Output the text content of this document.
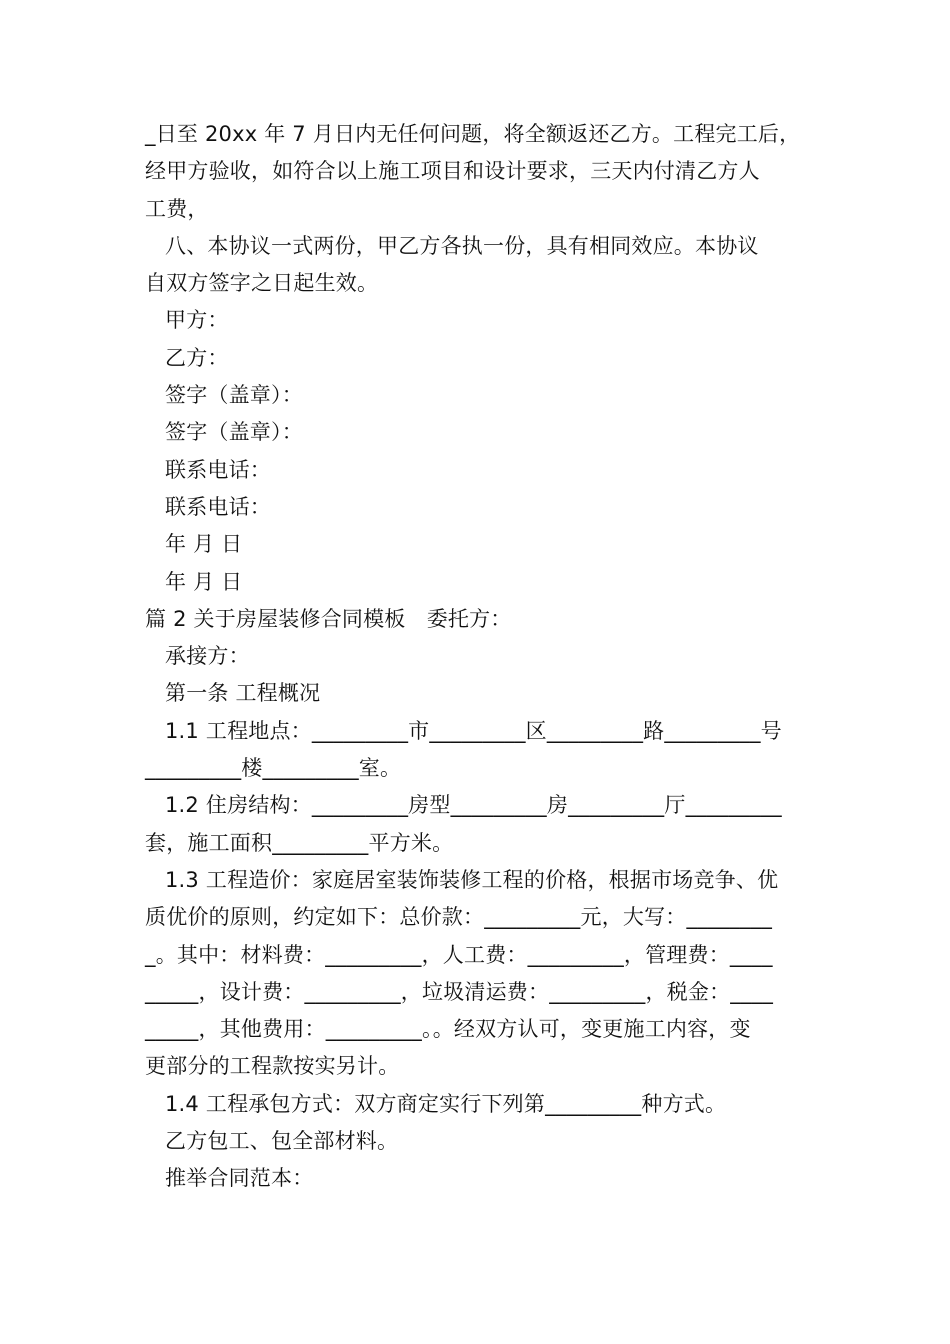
_日至 20xx 年 7 月日内无任何问题，将全额返还乙方。工程完工后，
经甲方验收，如符合以上施工项目和设计要求，三天内付清乙方人
工费，
八、本协议一式两份，甲乙方各执一份，具有相同效应。本协议
自双方签字之日起生效。
甲方：
乙方：
签字（盖章）：
签字（盖章）：
联系电话：
联系电话：
年 月 日
年 月 日
篇 2 关于房屋装修合同模板　委托方：
承接方：
第一条 工程概况
1.1 工程地点：_________市_________区_________路_________号
_________楼_________室。
1.2 住房结构：_________房型_________房_________厅_________
套，施工面积_________平方米。
1.3 工程造价：家庭居室装饰装修工程的价格，根据市场竞争、优
质优价的原则，约定如下：总价款：_________元，大写：________
_。其中：材料费：_________，人工费：_________，管理费：____
_____，设计费：_________，垃圾清运费：_________，税金：____
_____，其他费用：_________。。经双方认可，变更施工内容，变
更部分的工程款按实另计。
1.4 工程承包方式：双方商定实行下列第_________种方式。
乙方包工、包全部材料。
推举合同范本：
